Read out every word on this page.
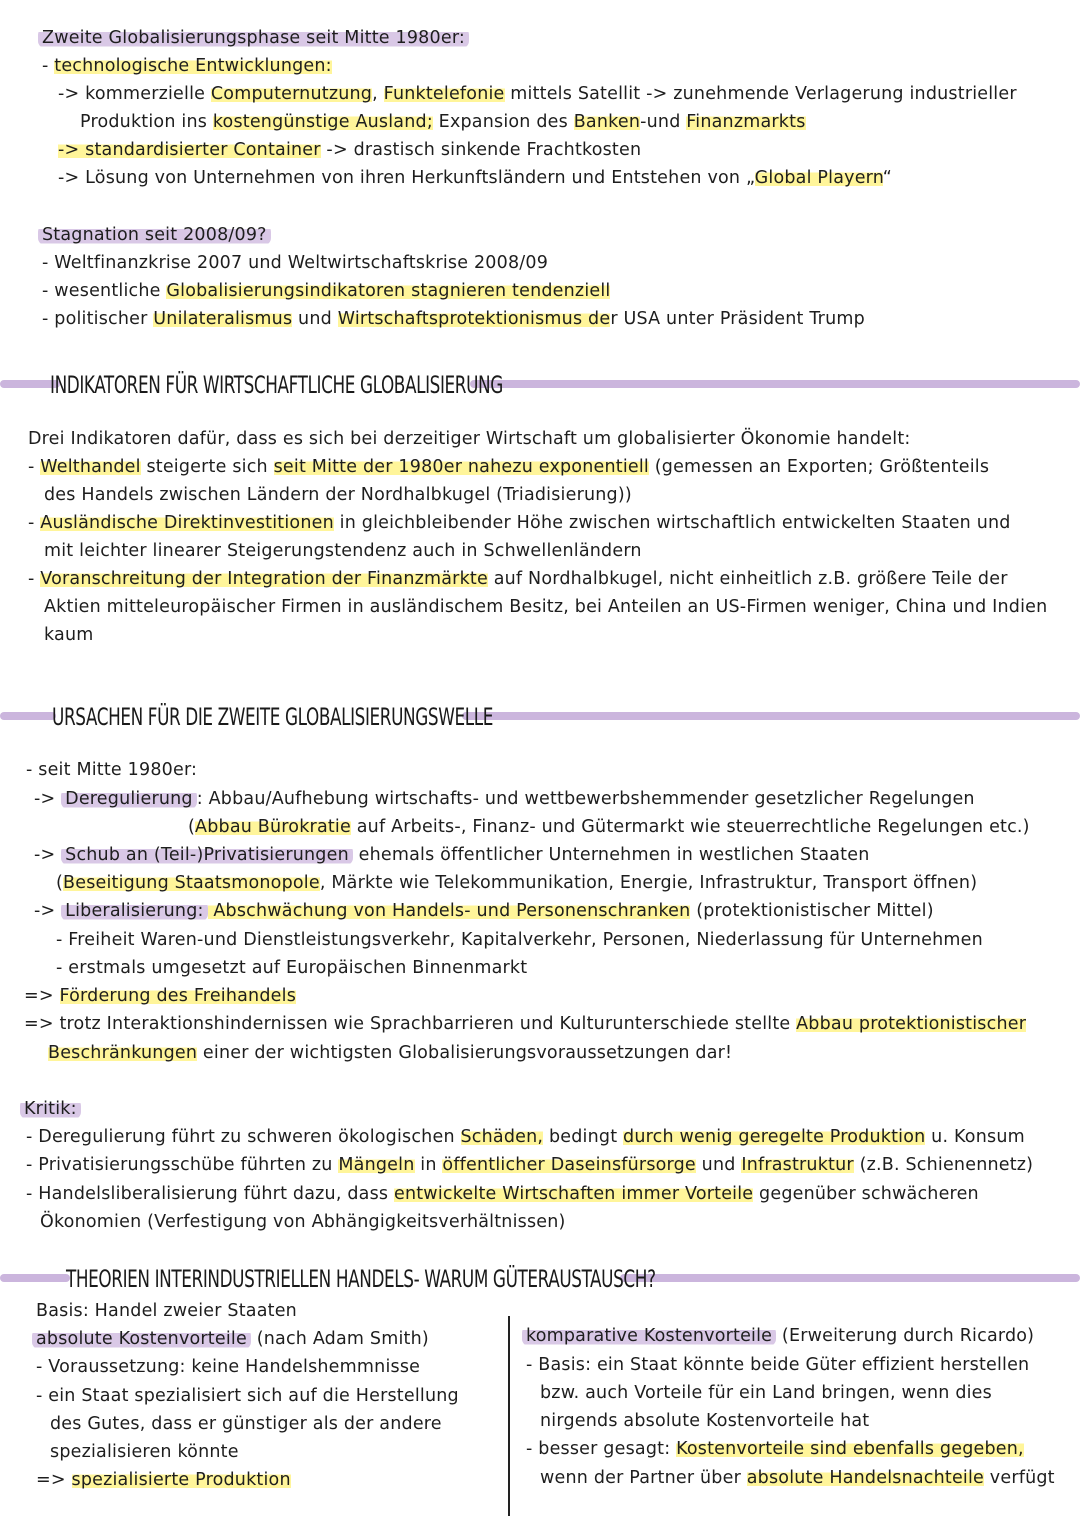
Zweite Globalisierungsphase seit Mitte 1980er:
- technologische Entwicklungen:
-> kommerzielle Computernutzung, Funktelefonie mittels Satellit -> zunehmende Verlagerung industrieller
Produktion ins kostengünstige Ausland; Expansion des Banken-und Finanzmarkts
-> standardisierter Container -> drastisch sinkende Frachtkosten
-> Lösung von Unternehmen von ihren Herkunftsländern und Entstehen von „Global Playern“
Stagnation seit 2008/09?
- Weltfinanzkrise 2007 und Weltwirtschaftskrise 2008/09
- wesentliche Globalisierungsindikatoren stagnieren tendenziell
- politischer Unilateralismus und Wirtschaftsprotektionismus der USA unter Präsident Trump
INDIKATOREN FÜR WIRTSCHAFTLICHE GLOBALISIERUNG
Drei Indikatoren dafür, dass es sich bei derzeitiger Wirtschaft um globalisierter Ökonomie handelt:
- Welthandel steigerte sich seit Mitte der 1980er nahezu exponentiell (gemessen an Exporten; Größtenteils
des Handels zwischen Ländern der Nordhalbkugel (Triadisierung))
- Ausländische Direktinvestitionen in gleichbleibender Höhe zwischen wirtschaftlich entwickelten Staaten und
mit leichter linearer Steigerungstendenz auch in Schwellenländern
- Voranschreitung der Integration der Finanzmärkte auf Nordhalbkugel, nicht einheitlich z.B. größere Teile der
Aktien mitteleuropäischer Firmen in ausländischem Besitz, bei Anteilen an US-Firmen weniger, China und Indien
kaum
URSACHEN FÜR DIE ZWEITE GLOBALISIERUNGSWELLE
- seit Mitte 1980er:
-> Deregulierung : Abbau/Aufhebung wirtschafts- und wettbewerbshemmender gesetzlicher Regelungen
(Abbau Bürokratie auf Arbeits-, Finanz- und Gütermarkt wie steuerrechtliche Regelungen etc.)
-> Schub an (Teil-)Privatisierungen ehemals öffentlicher Unternehmen in westlichen Staaten
(Beseitigung Staatsmonopole, Märkte wie Telekommunikation, Energie, Infrastruktur, Transport öffnen)
-> Liberalisierung: Abschwächung von Handels- und Personenschranken (protektionistischer Mittel)
- Freiheit Waren-und Dienstleistungsverkehr, Kapitalverkehr, Personen, Niederlassung für Unternehmen
- erstmals umgesetzt auf Europäischen Binnenmarkt
=> Förderung des Freihandels
=> trotz Interaktionshindernissen wie Sprachbarrieren und Kulturunterschiede stellte Abbau protektionistischer
Beschränkungen einer der wichtigsten Globalisierungsvoraussetzungen dar!
Kritik:
- Deregulierung führt zu schweren ökologischen Schäden, bedingt durch wenig geregelte Produktion u. Konsum
- Privatisierungsschübe führten zu Mängeln in öffentlicher Daseinsfürsorge und Infrastruktur (z.B. Schienennetz)
- Handelsliberalisierung führt dazu, dass entwickelte Wirtschaften immer Vorteile gegenüber schwächeren
Ökonomien (Verfestigung von Abhängigkeitsverhältnissen)
THEORIEN INTERINDUSTRIELLEN HANDELS- WARUM GÜTERAUSTAUSCH?
Basis: Handel zweier Staaten
absolute Kostenvorteile (nach Adam Smith)
- Voraussetzung: keine Handelshemmnisse
- ein Staat spezialisiert sich auf die Herstellung
des Gutes, dass er günstiger als der andere
spezialisieren könnte
=> spezialisierte Produktion
komparative Kostenvorteile (Erweiterung durch Ricardo)
- Basis: ein Staat könnte beide Güter effizient herstellen
bzw. auch Vorteile für ein Land bringen, wenn dies
nirgends absolute Kostenvorteile hat
- besser gesagt: Kostenvorteile sind ebenfalls gegeben,
wenn der Partner über absolute Handelsnachteile verfügt
